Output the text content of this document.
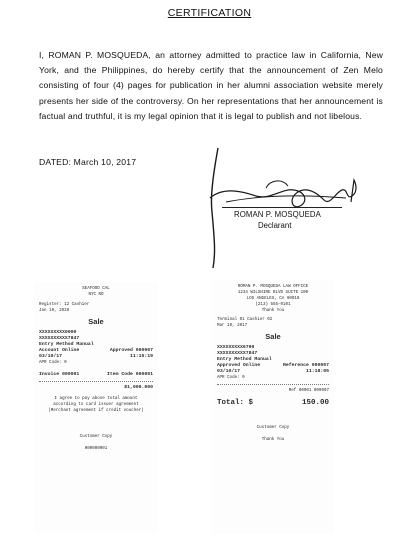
CERTIFICATION
I, ROMAN P. MOSQUEDA, an attorney admitted to practice law in California, New York, and the Philippines, do hereby certify that the announcement of Zen Melo consisting of four (4) pages for publication in her alumni association website merely presents her side of the controversy. On her representations that her announcement is factual and truthful, it is my legal opinion that it is legal to publish and not libelous.
DATED: March 10, 2017
ROMAN P. MOSQUEDA
Declarant
SEAFOOD CAL
NYC NO
Register: 12 Cashier
Jan 10, 2028
Sale
XXXXXXXXX0000
XXXXXXXXXX7847
Entry Method Manual
Account Online	Approved 000007
03/10/17	11:15:19
APR Code: 0
Invoice 000001	Item Code 000001
$1,000.000
I agree to pay above total amount
according to card issuer agreement
(Merchant agreement if credit voucher)
Customer Copy
000000001
ROMAN P. MOSQUEDA LAW OFFICE
1234 WILSHIRE BLVD SUITE 100
LOS ANGELES, CA 90010
(213) 555-0101
Thank You
Terminal 01 Cashier 02
Mar 10, 2017
Sale
XXXXXXXXX6790
XXXXXXXXXX7847
Entry Method Manual
Approved Online	Reference 000007
03/10/17	11:18:05
APR Code: 0
Ref 00001 000007
Total: $	150.00
Customer Copy
Thank You
